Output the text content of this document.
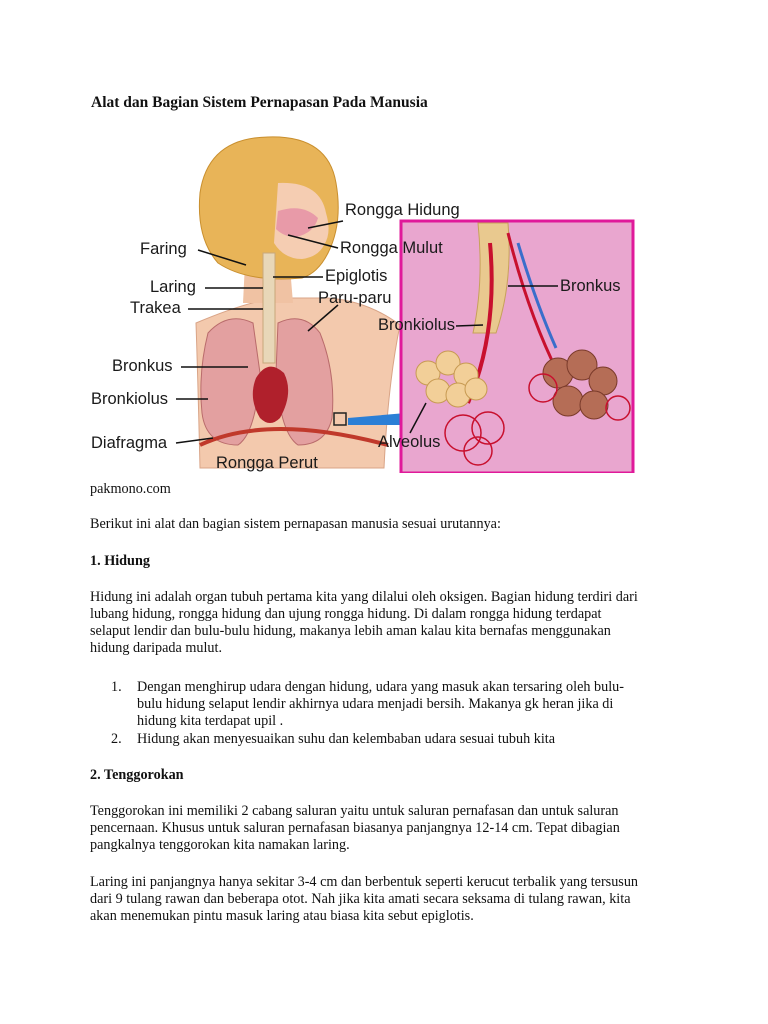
Alat dan Bagian Sistem Pernapasan Pada Manusia
Faring
Laring
Trakea
Bronkus
Bronkiolus
Diafragma
Rongga Perut
Rongga Hidung
Rongga Mulut
Epiglotis
Paru-paru
Bronkiolus
Bronkus
Alveolus
pakmono.com
Berikut ini alat dan bagian sistem pernapasan manusia sesuai urutannya:
1. Hidung
Hidung ini adalah organ tubuh pertama kita yang dilalui oleh oksigen. Bagian hidung terdiri dari
lubang hidung, rongga hidung dan ujung rongga hidung. Di dalam rongga hidung terdapat
selaput lendir dan bulu-bulu hidung, makanya lebih aman kalau kita bernafas menggunakan
hidung daripada mulut.
1. Dengan menghirup udara dengan hidung, udara yang masuk akan tersaring oleh bulu-
bulu hidung selaput lendir akhirnya udara menjadi bersih. Makanya gk heran jika di
hidung kita terdapat upil .
2. Hidung akan menyesuaikan suhu dan kelembaban udara sesuai tubuh kita
2. Tenggorokan
Tenggorokan ini memiliki 2 cabang saluran yaitu untuk saluran pernafasan dan untuk saluran
pencernaan. Khusus untuk saluran pernafasan biasanya panjangnya 12-14 cm. Tepat dibagian
pangkalnya tenggorokan kita namakan laring.
Laring ini panjangnya hanya sekitar 3-4 cm dan berbentuk seperti kerucut terbalik yang tersusun
dari 9 tulang rawan dan beberapa otot. Nah jika kita amati secara seksama di tulang rawan, kita
akan menemukan pintu masuk laring atau biasa kita sebut epiglotis.
